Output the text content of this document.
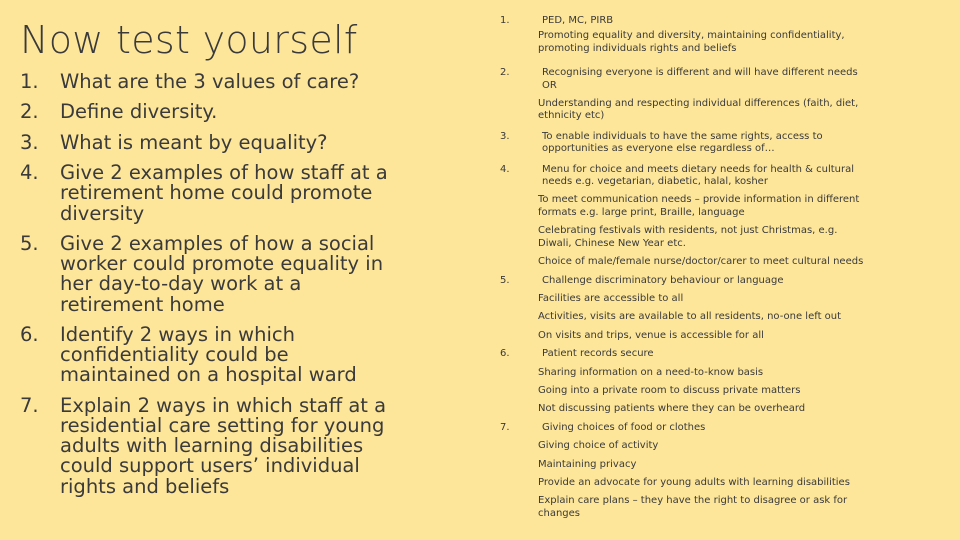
Now test yourself
1.	What are the 3 values of care?
2.	Define diversity.
3.	What is meant by equality?
4.	Give 2 examples of how staff at a retirement home could promote diversity
5.	Give 2 examples of how a social worker could promote equality in her day-to-day work at a retirement home
6.	Identify 2 ways in which confidentiality could be maintained on a hospital ward
7.	Explain 2 ways in which staff at a residential care setting for young adults with learning disabilities could support users’ individual rights and beliefs
1.	PED, MC, PIRB
Promoting equality and diversity, maintaining confidentiality, promoting individuals rights and beliefs
2.	Recognising everyone is different and will have different needs OR
Understanding and respecting individual differences (faith, diet, ethnicity etc)
3.	To enable individuals to have the same rights, access to opportunities as everyone else regardless of…
4.	Menu for choice and meets dietary needs for health & cultural needs e.g. vegetarian, diabetic, halal, kosher
To meet communication needs – provide information in different formats e.g. large print, Braille, language
Celebrating festivals with residents, not just Christmas, e.g. Diwali, Chinese New Year etc.
Choice of male/female nurse/doctor/carer to meet cultural needs
5.	Challenge discriminatory behaviour or language
Facilities are accessible to all
Activities, visits are available to all residents, no-one left out
On visits and trips, venue is accessible for all
6.	Patient records secure
Sharing information on a need-to-know basis
Going into a private room to discuss private matters
Not discussing patients where they can be overheard
7.	Giving choices of food or clothes
Giving choice of activity
Maintaining privacy
Provide an advocate for young adults with learning disabilities
Explain care plans – they have the right to disagree or ask for changes
